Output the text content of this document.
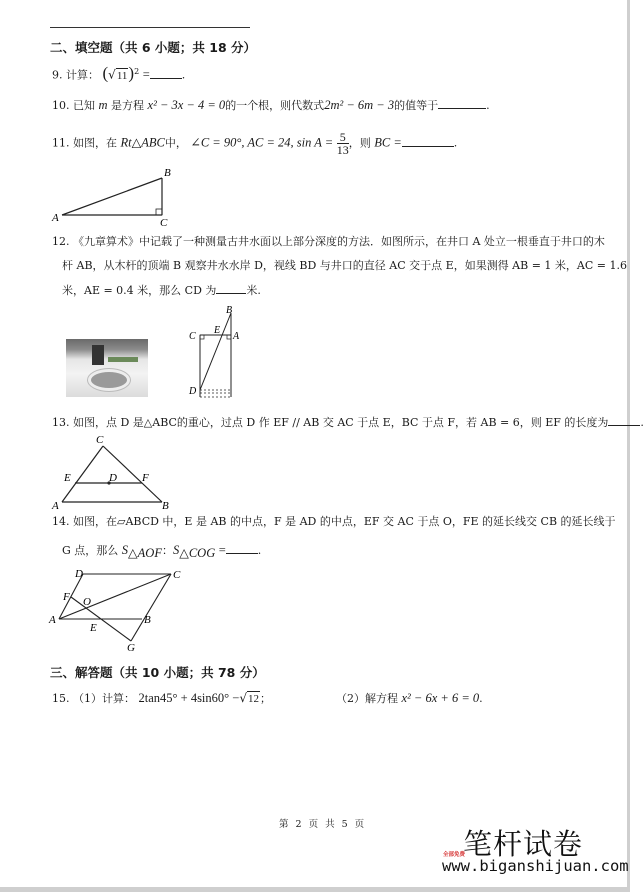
二、填空题（共 6 小题；共 18 分）
9. 计算： $(√11)^2$ =	.
10. 已知 m 是方程 x² − 3x − 4 = 0的一个根，则代数式2m² − 6m − 3的值等于	.
11. 如图，在 Rt△ABC中， ∠C = 90°, AC = 24, $\sin A = \frac{5}{13}$ ，则 BC =	.
A
B
C
12. 《九章算术》中记载了一种测量古井水面以上部分深度的方法．如图所示，在井口 A 处立一根垂直于井口的木
杆 AB，从木杆的顶端 B 观察井水水岸 D，视线 BD 与井口的直径 AC 交于点 E，如果测得 AB = 1 米，AC = 1.6
米，AE = 0.4 米，那么 CD 为	米.
B
C
E
A
D
13. 如图，点 D 是△ABC的重心，过点 D 作 EF // AB 交 AC 于点 E，BC 于点 F，若 AB = 6，则 EF 的长度为	.
C
E	D F
A	B
14. 如图，在▱ABCD 中，E 是 AB 的中点，F 是 AD 的中点，EF 交 AC 于点 O，FE 的延长线交 CB 的延长线于
G 点，那么 $S_{\triangle AOF}$：$S_{\triangle COG}$ =	.
D	C
F O
A
E
B
G
三、解答题（共 10 小题；共 78 分）
15. （1）计算： 2tan45° + 4sin60° −√12；	（2）解方程 x² − 6x + 6 = 0.
第 2 页 共 5 页
全部免费
笔杆试卷
www.biganshijuan.com
